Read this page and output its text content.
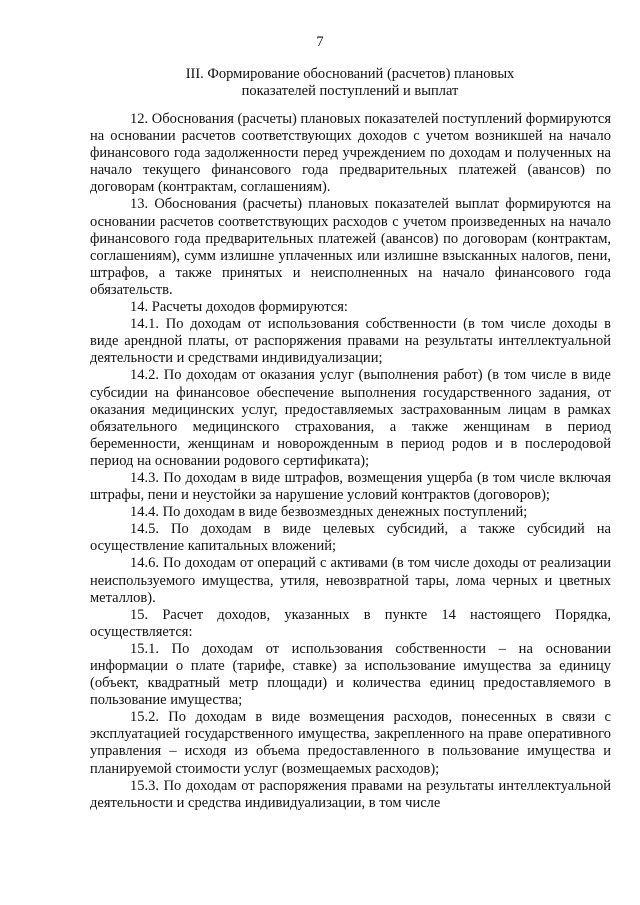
7
III. Формирование обоснований (расчетов) плановых
показателей поступлений и выплат

12. Обоснования (расчеты) плановых показателей поступлений формируются на основании расчетов соответствующих доходов с учетом возникшей на начало финансового года задолженности перед учреждением по доходам и полученных на начало текущего финансового года предварительных платежей (авансов) по договорам (контрактам, соглашениям).

13. Обоснования (расчеты) плановых показателей выплат формируются на основании расчетов соответствующих расходов с учетом произведенных на начало финансового года предварительных платежей (авансов) по договорам (контрактам, соглашениям), сумм излишне уплаченных или излишне взысканных налогов, пени, штрафов, а также принятых и неисполненных на начало финансового года обязательств.

14. Расчеты доходов формируются:

14.1. По доходам от использования собственности (в том числе доходы в виде арендной платы, от распоряжения правами на результаты интеллектуальной деятельности и средствами индивидуализации;

14.2. По доходам от оказания услуг (выполнения работ) (в том числе в виде субсидии на финансовое обеспечение выполнения государственного задания, от оказания медицинских услуг, предоставляемых застрахованным лицам в рамках обязательного медицинского страхования, а также женщинам в период беременности, женщинам и новорожденным в период родов и в послеродовой период на основании родового сертификата);

14.3. По доходам в виде штрафов, возмещения ущерба (в том числе включая штрафы, пени и неустойки за нарушение условий контрактов (договоров);

14.4. По доходам в виде безвозмездных денежных поступлений;

14.5. По доходам в виде целевых субсидий, а также субсидий на осуществление капитальных вложений;

14.6. По доходам от операций с активами (в том числе доходы от реализации неиспользуемого имущества, утиля, невозвратной тары, лома черных и цветных металлов).

15. Расчет доходов, указанных в пункте 14 настоящего Порядка, осуществляется:

15.1. По доходам от использования собственности – на основании информации о плате (тарифе, ставке) за использование имущества за единицу (объект, квадратный метр площади) и количества единиц предоставляемого в пользование имущества;

15.2. По доходам в виде возмещения расходов, понесенных в связи с эксплуатацией государственного имущества, закрепленного на праве оперативного управления – исходя из объема предоставленного в пользование имущества и планируемой стоимости услуг (возмещаемых расходов);

15.3. По доходам от распоряжения правами на результаты интеллектуальной деятельности и средства индивидуализации, в том числе
